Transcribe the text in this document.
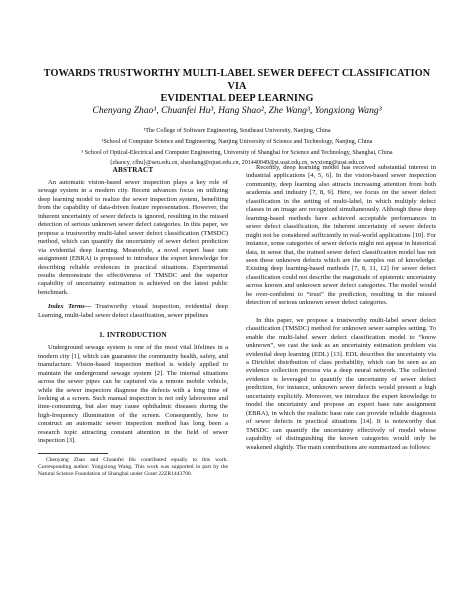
TOWARDS TRUSTWORTHY MULTI-LABEL SEWER DEFECT CLASSIFICATION VIA
EVIDENTIAL DEEP LEARNING
Chenyang Zhao¹, Chuanfei Hu³, Hang Shao², Zhe Wang³, Yongxiong Wang³
¹The College of Software Engineering, Southeast University, Nanjing, China
²School of Computer Science and Engineering, Nanjing University of Science and Technology, Nanjing, China
³ School of Optical-Electrical and Computer Engineering, University of Shanghai for Science and Technology, Shanghai, China
{zhaocy, cfhu}@seu.edu.cn, shaohang@njust.edu.cn, 201440049@st.usst.edu.cn, wyxiong@usst.edu.cn
ABSTRACT

An automatic vision-based sewer inspection plays a key role of sewage system in a modern city. Recent advances focus on utilizing deep learning model to realize the sewer inspection system, benefiting from the capability of data-driven feature representation. However, the inherent uncertainty of sewer defects is ignored, resulting in the missed detection of serious unknown sewer defect categories. In this paper, we propose a trustworthy multi-label sewer defect classification (TMSDC) method, which can quantify the uncertainty of sewer defect prediction via evidential deep learning. Meanwhile, a novel expert base rate assignment (EBRA) is proposed to introduce the expert knowledge for describing reliable evidences in practical situations. Experimental results demonstrate the effectiveness of TMSDC and the superior capability of uncertainty estimation is achieved on the latest public benchmark.

Index Terms— Trustworthy visual inspection, evidential deep Learning, multi-label sewer defect classification, sewer pipelines

1. INTRODUCTION

Underground sewage system is one of the most vital lifelines in a modern city [1], which can guarantee the community health, safety, and manufacture. Vision-based inspection method is widely applied to maintain the underground sewage system [2]. The internal situations across the sewer pipes can be captured via a remote mobile vehicle, while the sewer inspectors diagnose the defects with a long time of looking at a screen. Such manual inspection is not only laborsome and time-consuming, but also may cause ophthalmic diseases during the high-frequency illumination of the screen. Consequently, how to construct an automatic sewer inspection method has long been a research topic attracting constant attention in the field of sewer inspection [3].

Chenyang Zhao and Chuanfei Hu contributed equally to this work. Corresponding author: Yongxiong Wang. This work was supported in part by the Natural Science Foundation of Shanghai under Grant 22ZR1443700.

Recently, deep learning model has received substantial interest in industrial applications [4, 5, 6]. In the vision-based sewer inspection community, deep learning also attracts increasing attention from both academia and industry [7, 8, 9]. Here, we focus on the sewer defect classification in the setting of multi-label, in which multiply defect classes in an image are recognized simultaneously. Although these deep learning-based methods have achieved acceptable performances in sewer defect classification, the inherent uncertainty of sewer defects might not be considered sufficiently in real-world applications [10]. For instance, some categories of sewer defects might not appear in historical data, in sense that, the trained sewer defect classification model has not seen these unknown defects which are the samples out of knowledge. Existing deep learning-based methods [7, 8, 11, 12] for sewer defect classification could not describe the magnitude of epistemic uncertainty across known and unknown sewer defect categories. The model would be over-confident to “trust” the prediction, resulting in the missed detection of serious unknown sewer defect categories.

In this paper, we propose a trustworthy multi-label sewer defect classification (TMSDC) method for unknown sewer samples setting. To enable the multi-label sewer defect classification model to “know unknown”, we cast the task as an uncertainty estimation problem via evidential deep learning (EDL) [13]. EDL describes the uncertainty via a Dirichlet distribution of class probability, which can be seen as an evidence collection process via a deep neural network. The collected evidence is leveraged to quantify the uncertainty of sewer defect prediction, for instance, unknown sewer defects would present a high uncertainty explicitly. Moreover, we introduce the expert knowledge to model the uncertainty and propose an expert base rate assignment (EBRA), in which the realistic base rate can provide reliable diagnosis of sewer defects in practical situations [14]. It is noteworthy that TMSDC can quantify the uncertainty effectively of model whose capability of distinguishing the known categories would only be weakened slightly. The main contributions are summarized as follows:
